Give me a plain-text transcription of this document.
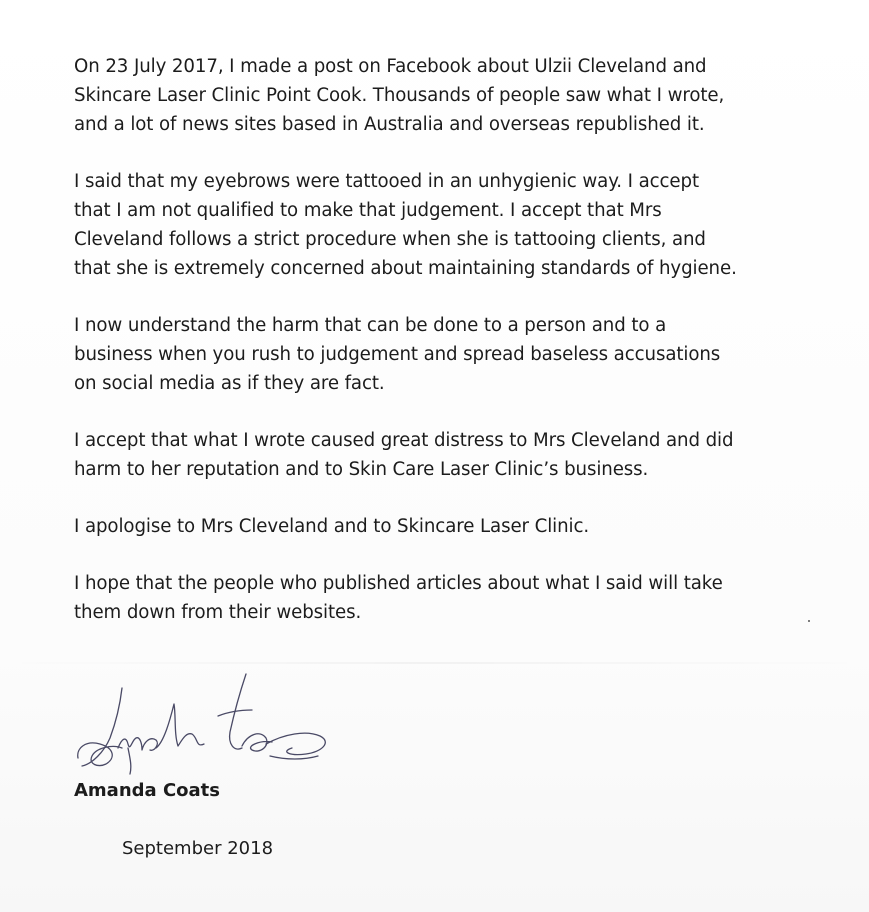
On 23 July 2017, I made a post on Facebook about Ulzii Cleveland and
Skincare Laser Clinic Point Cook. Thousands of people saw what I wrote,
and a lot of news sites based in Australia and overseas republished it.

I said that my eyebrows were tattooed in an unhygienic way. I accept
that I am not qualified to make that judgement. I accept that Mrs
Cleveland follows a strict procedure when she is tattooing clients, and
that she is extremely concerned about maintaining standards of hygiene.

I now understand the harm that can be done to a person and to a
business when you rush to judgement and spread baseless accusations
on social media as if they are fact.

I accept that what I wrote caused great distress to Mrs Cleveland and did
harm to her reputation and to Skin Care Laser Clinic’s business.

I apologise to Mrs Cleveland and to Skincare Laser Clinic.

I hope that the people who published articles about what I said will take
them down from their websites.

Amanda Coats
September 2018
